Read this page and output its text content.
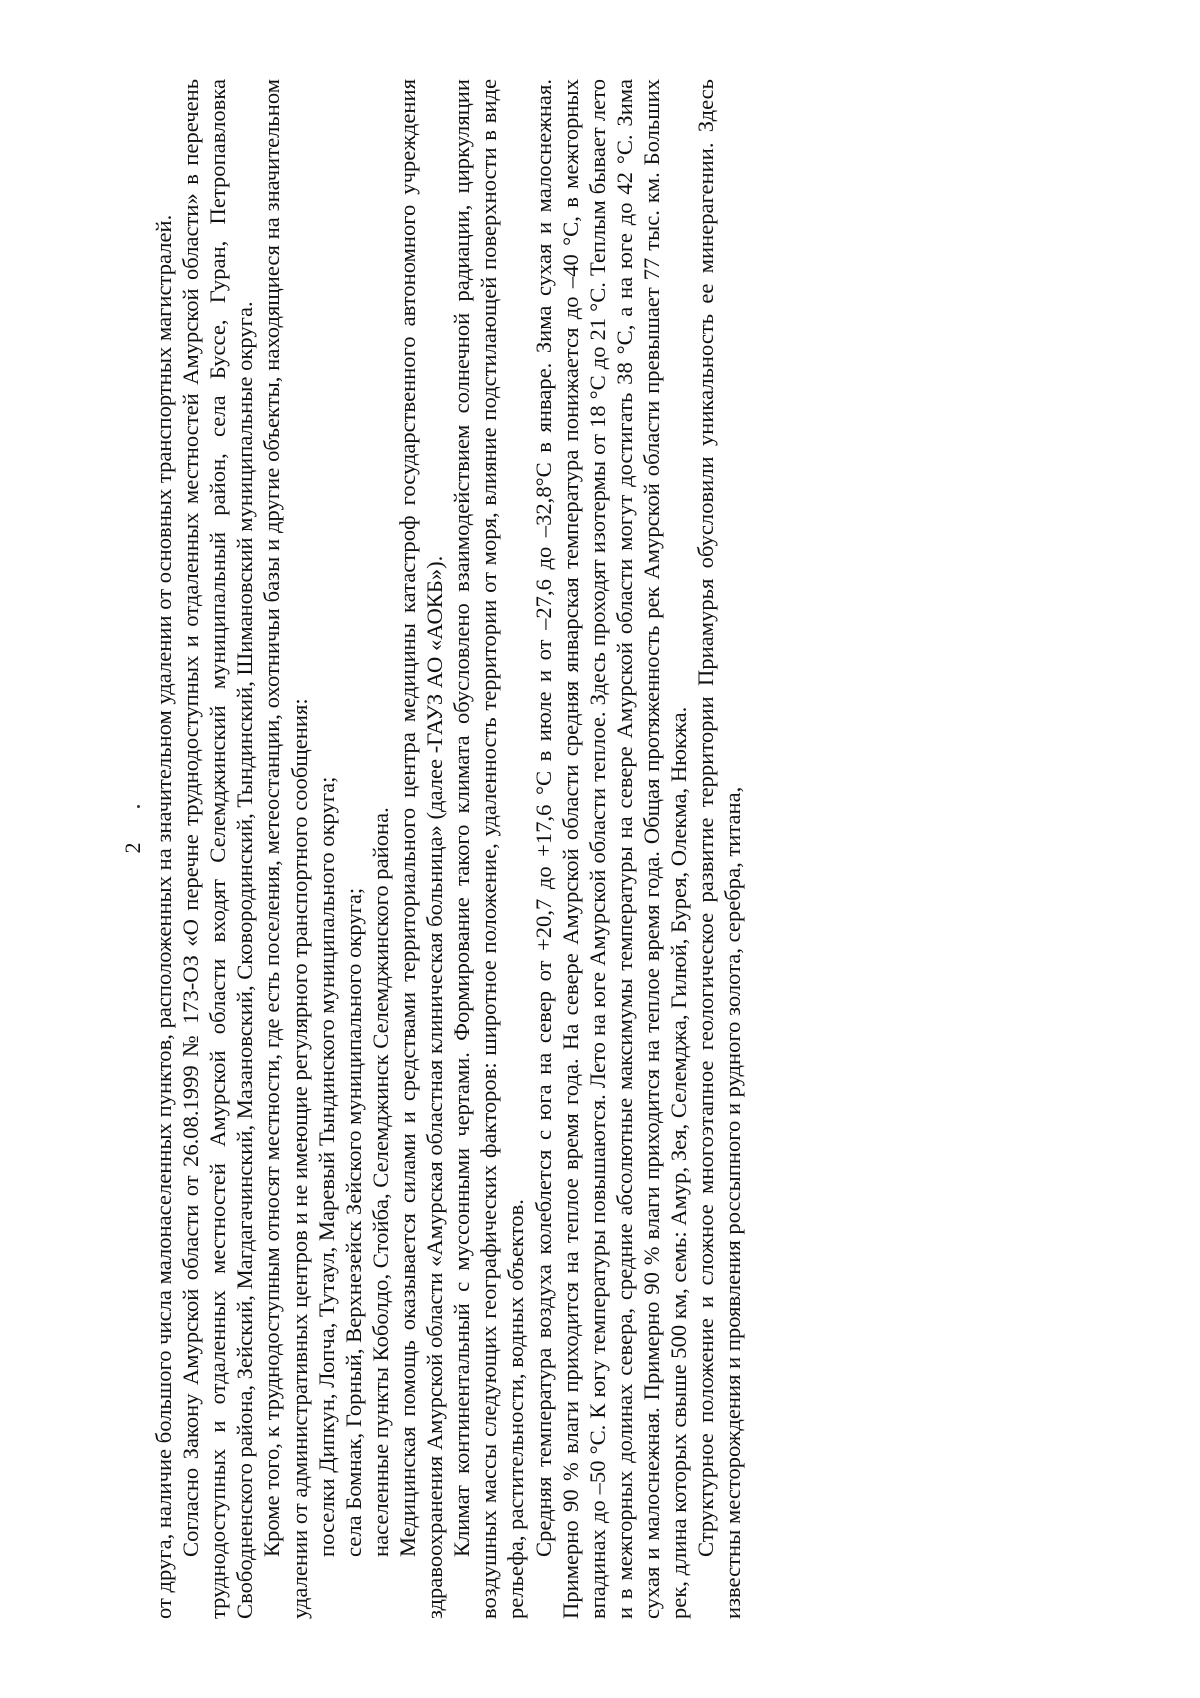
2 от друга, наличие большого числа малонаселенных пунктов, расположенных на значительном удалении от основных транспортных магистралей. Согласно Закону Амурской области от 26.08.1999 № 173-ОЗ «О перечне труднодоступных и отдаленных местностей Амурской области» в перечень труднодоступных и отдаленных местностей Амурской области входят Селемджинский муниципальный район, села Буссе, Гуран, Петропавловка Свободненского района, Зейский, Магдагачинский, Мазановский, Сковородинский, Тындинский, Шимановский муниципальные округа. Кроме того, к труднодоступным относят местности, где есть поселения, метеостанции, охотничьи базы и другие объекты, находящиеся на значительном удалении от административных центров и не имеющие регулярного транспортного сообщения: поселки Дипкун, Лопча, Тутаул, Маревый Тындинского муниципального округа; села Бомнак, Горный, Верхнезейск Зейского муниципального округа; населенные пункты Коболдо, Стойба, Селемджинск Селемджинского района. Медицинская помощь оказывается силами и средствами территориального центра медицины катастроф государственного автономного учреждения здравоохранения Амурской области «Амурская областная клиническая больница» (далее -ГАУЗ АО «АОКБ»). Климат континентальный с муссонными чертами. Формирование такого климата обусловлено взаимодействием солнечной радиации, циркуляции воздушных массы следующих географических факторов: широтное положение, удаленность территории от моря, влияние подстилающей поверхности в виде рельефа, растительности, водных объектов. Средняя температура воздуха колеблется с юга на север от +20,7 до +17,6 °С в июле и от –27,6 до –32,8°С в январе. Зима сухая и малоснежная. Примерно 90 % влаги приходится на теплое время года. На севере Амурской области средняя январская температура понижается до –40 °С, в межгорных впадинах до –50 °С. К югу температуры повышаются. Лето на юге Амурской области теплое. Здесь проходят изотермы от 18 °С до 21 °С. Теплым бывает лето и в межгорных долинах севера, средние абсолютные максимумы температуры на севере Амурской области могут достигать 38 °С, а на юге до 42 °С. Зима сухая и малоснежная. Примерно 90 % влаги приходится на теплое время года. Общая протяженность рек Амурской области превышает 77 тыс. км. Больших рек, длина которых свыше 500 км, семь: Амур, Зея, Селемджа, Гилюй, Бурея, Олекма, Нюкжа. Структурное положение и сложное многоэтапное геологическое развитие территории Приамурья обусловили уникальность ее минерагении. Здесь известны месторождения и проявления россыпного и рудного золота, серебра, титана,
